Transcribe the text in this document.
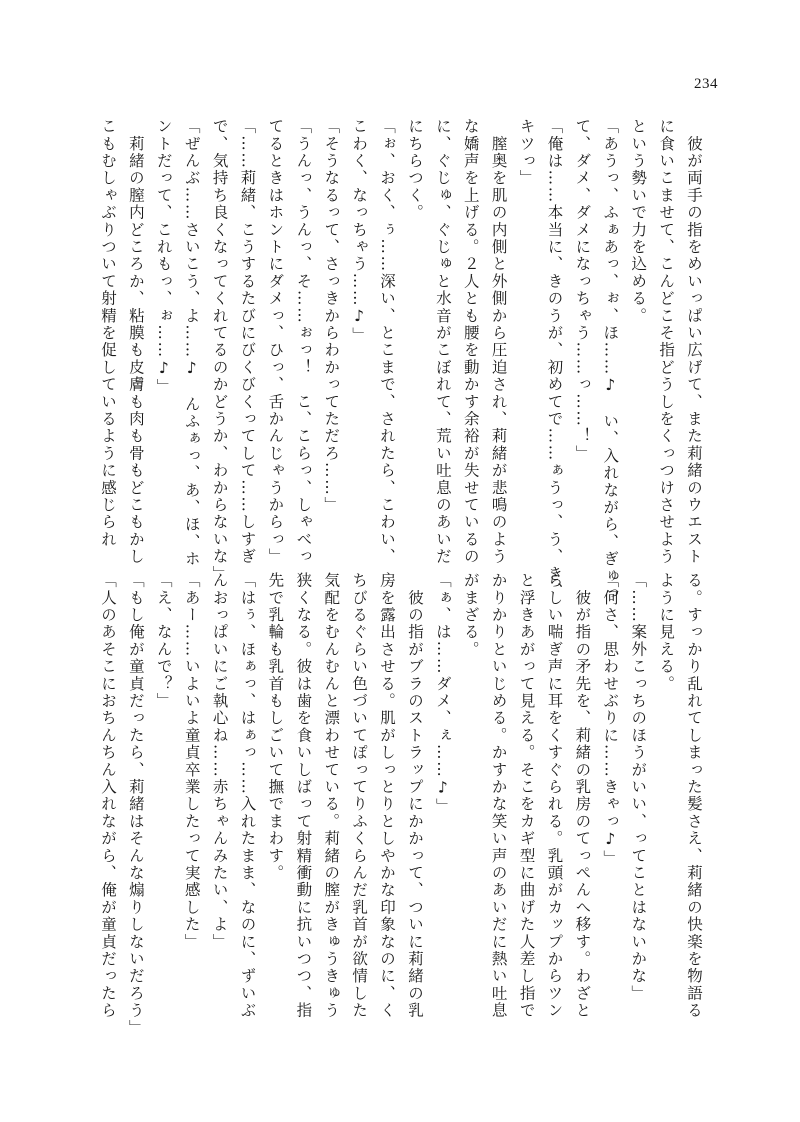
234
　彼が両手の指をめいっぱい広げて、また莉緒のウエスト
に食いこませて、こんどこそ指どうしをくっつけさせよう
という勢いで力を込める。
「あうっ、ふぁあっ、ぉ、ほ……♪　い、入れながら、ぎゅっ
て、ダメ、ダメになっちゃう……っ……！」
「俺は……本当に、きのうが、初めてで……ぁうっ、う、き、
キツっ」
　膣奥を肌の内側と外側から圧迫され、莉緒が悲鳴のよう
な嬌声を上げる。２人とも腰を動かす余裕が失せているの
に、ぐじゅ、ぐじゅと水音がこぼれて、荒い吐息のあいだ
にちらつく。
「ぉ、おく、ぅ……深い、とこまで、されたら、こわい、
こわく、なっちゃう……♪」
「そうなるって、さっきからわかってただろ……」
「うんっ、うんっ、そ……ぉっ！　こ、こらっ、しゃべっ
てるときはホントにダメっ、ひっ、舌かんじゃうからっ」
「……莉緒、こうするたびにびくびくってして……しすぎ
で、気持ち良くなってくれてるのかどうか、わからないな」
「ぜんぶ……さいこう、よ……♪　んふぁっ、あ、ほ、ホ
ントだって、これもっ、ぉ……♪」
　莉緒の膣内どころか、粘膜も皮膚も肉も骨もどこもかし
こもむしゃぶりついて射精を促しているように感じられ
る。すっかり乱れてしまった髪さえ、莉緒の快楽を物語る
ように見える。
「……案外こっちのほうがいい、ってことはないかな」
「何さ、思わせぶりに……きゃっ♪」
　彼が指の矛先を、莉緒の乳房のてっぺんへ移す。わざと
らしい喘ぎ声に耳をくすぐられる。乳頭がカップからツン
と浮きあがって見える。そこをカギ型に曲げた人差し指で
かりかりといじめる。かすかな笑い声のあいだに熱い吐息
がまざる。
「ぁ、は……ダメ、ぇ……♪」
　彼の指がブラのストラップにかかって、ついに莉緒の乳
房を露出させる。肌がしっとりとしやかな印象なのに、く
ちびるぐらい色づいてぽってりふくらんだ乳首が欲情した
気配をむんむんと漂わせている。莉緒の膣がきゅうきゅう
狭くなる。彼は歯を食いしばって射精衝動に抗いつつ、指
先で乳輪も乳首もしごいて撫でまわす。
「はぅ、ほぁっ、はぁっ……入れたまま、なのに、ずいぶ
んおっぱいにご執心ね……赤ちゃんみたい、よ」
「あー……いよいよ童貞卒業したって実感した」
「え、なんで？」
「もし俺が童貞だったら、莉緒はそんな煽りしないだろう」
「人のあそこにおちんちん入れながら、俺が童貞だったら
